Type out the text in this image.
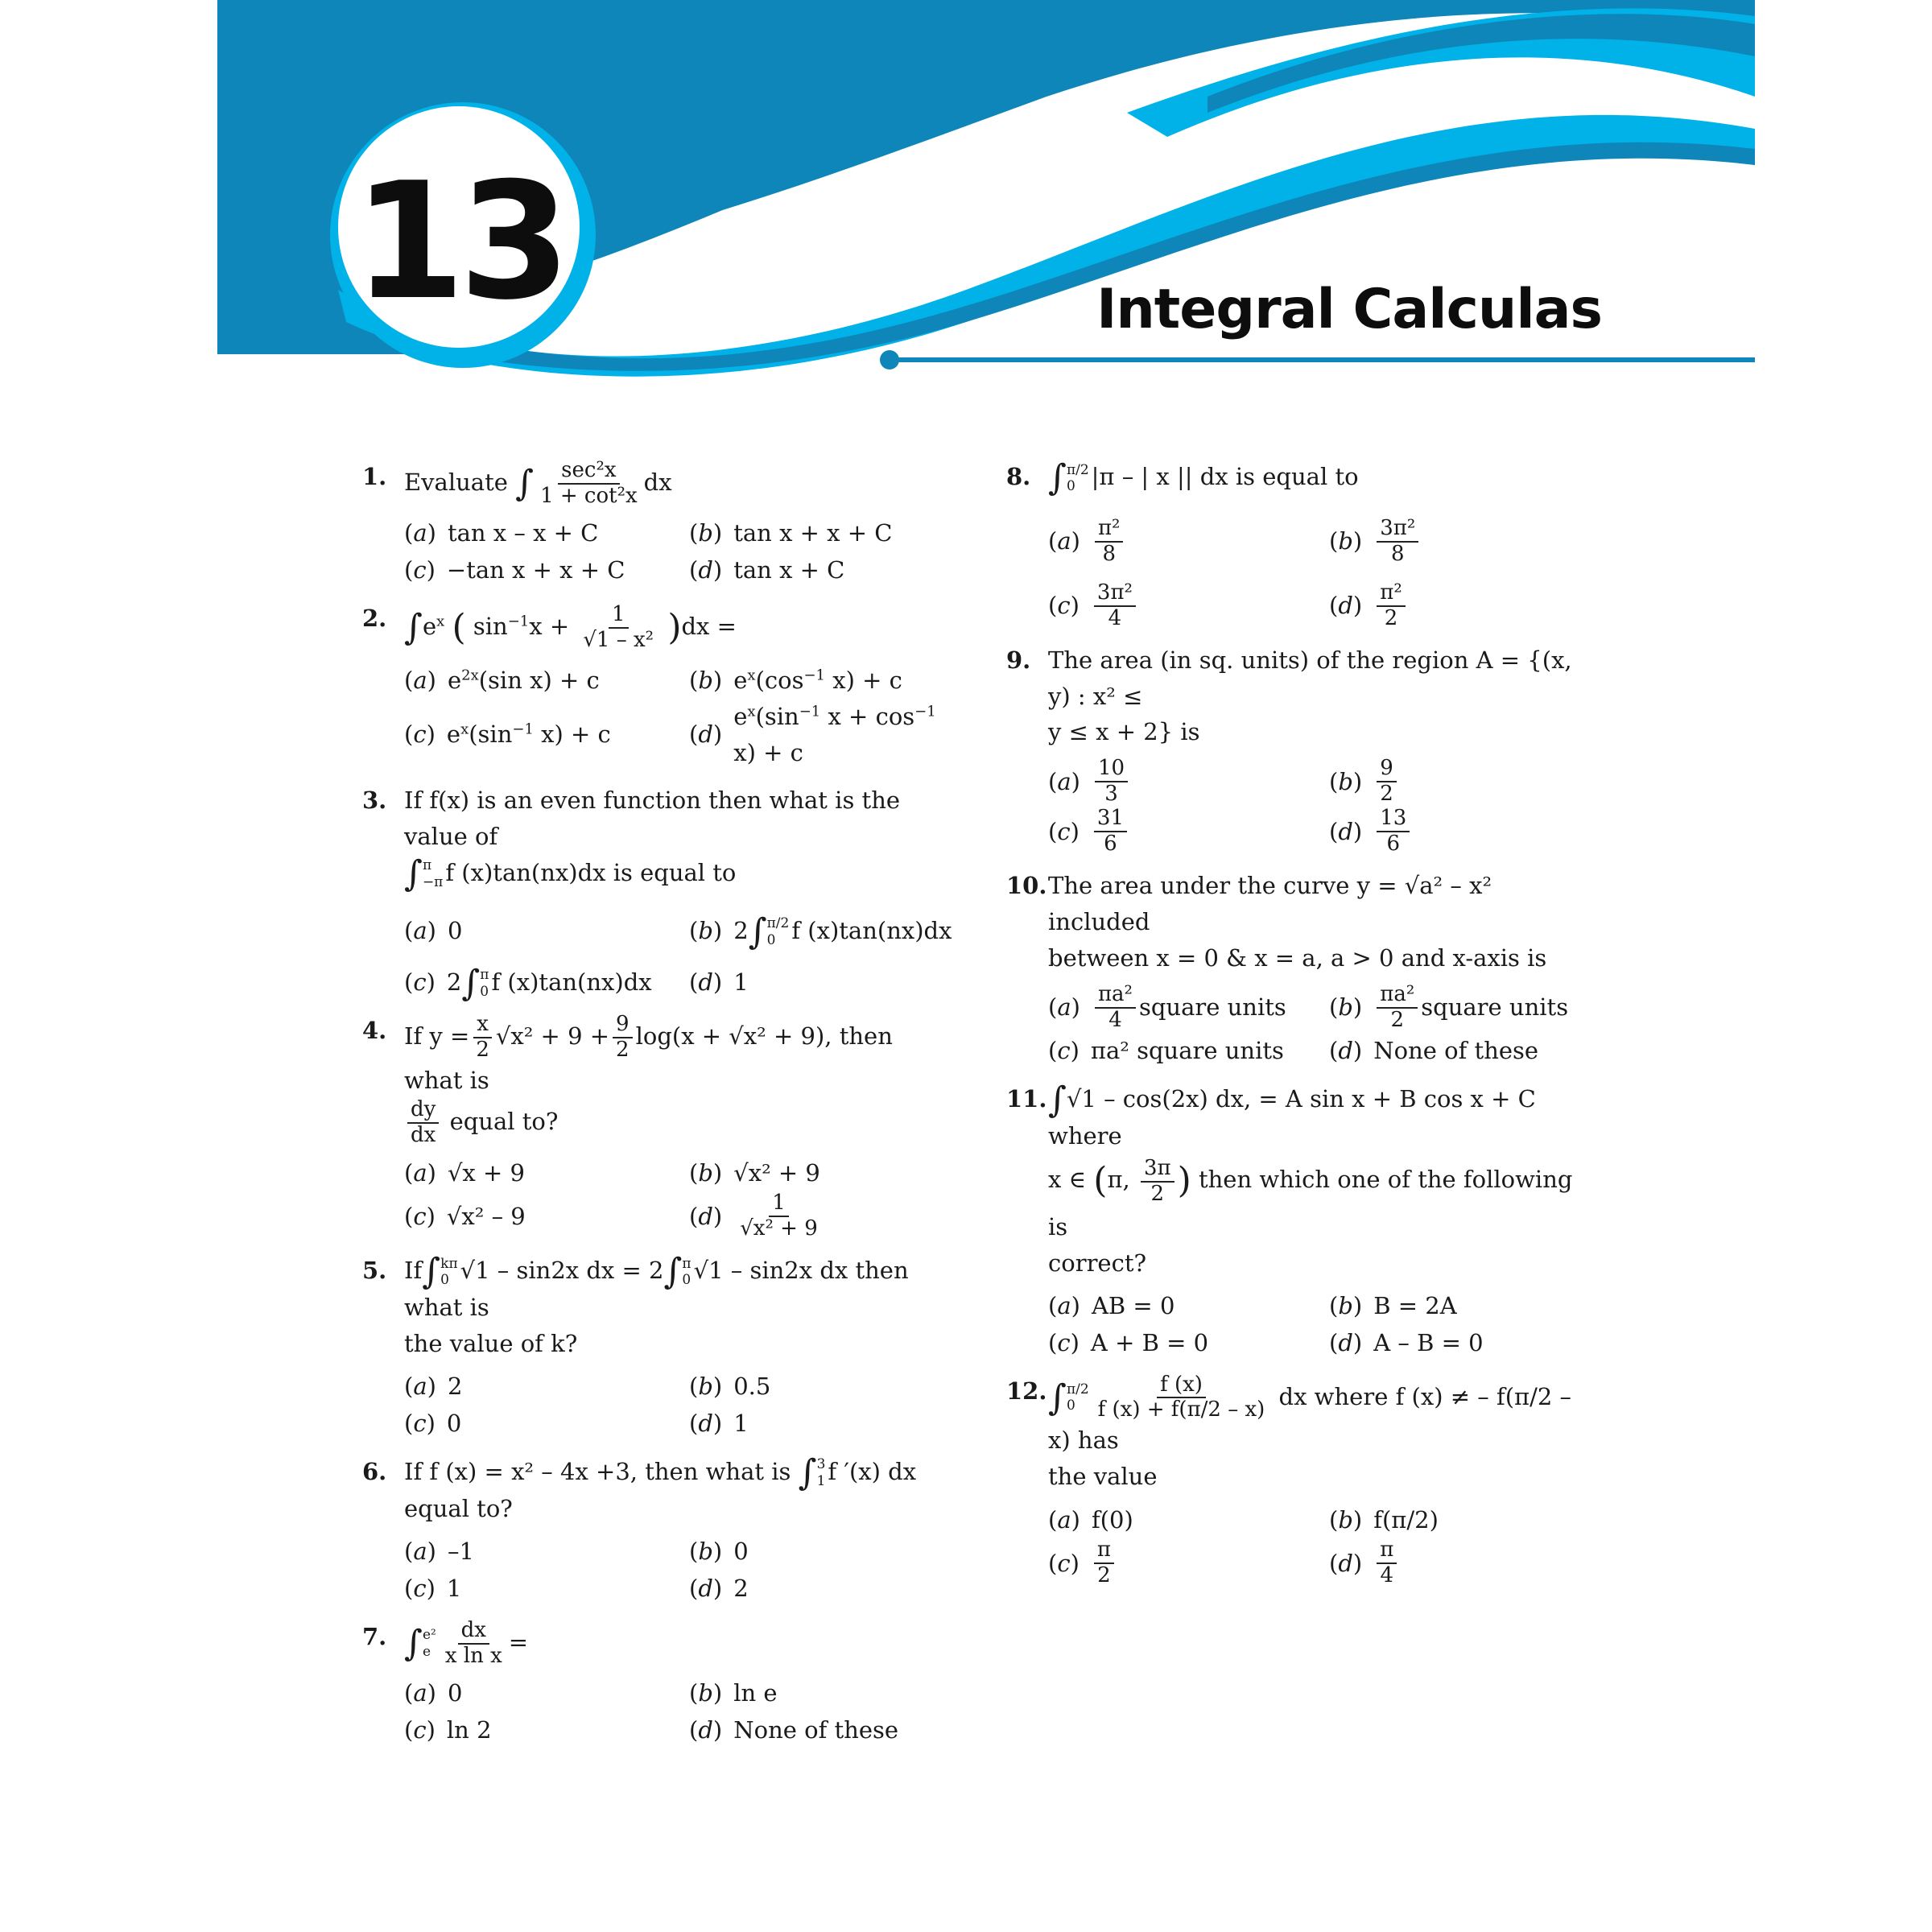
13	Integral Calculas
1. Evaluate ∫ $\frac{\text{sec²x}}{\text{1 + cot²x}}$ dx
(a) tan x – x + C	(b) tan x + x + C
(c) −tan x + x + C	(d) tan x + C
2. $\int e^x$ ( $\sin^{-1}x + \frac{1}{\text{√1 – x²}} )dx$ =
(a) $e^{2x}(\sin$ x) + c	(b) $e^x(\cos^{-1}$ x) + c
(c) $e^x(\sin^{-1}$ x) + c	(d)
$e^x(\sin^{-1}$ $x + \cos^{-1} x) + c$
3. If f(x) is an even function then what is the value of
∫ π
−π f (x)tan(nx)dx is equal to
(a) 0	(b) 2∫ π/2
0 f (x)tan(nx)dx
(c) 2∫ π
0 f (x)tan(nx)dx (d) 1
4. If $y = \frac{x}{2} √x^2 + 9 + \frac{9}{2} \log(x + √x^2 + 9)$, then what is

$\frac{dy}{dx}$ equal to?
(a) √x + 9	(b) √x² + 9
(c) √x² – 9	$(d) \frac{1}{\text{√x² + 9}}$
5. If∫ kπ
0 √1 – sin2x dx = 2∫ π
0 √1 – sin2x dx then what is
the value of k?
(a) 2	(b) 0.5
(c) 0	(d) 1
6. If f (x) = x² – 4x +3, then what is ∫ 3
1 f ′(x) dx equal to?
(a) –1	(b) 0
(c) 1	(d) 2
7. ∫ e²
e $\frac{dx}{\text{x ln x}}$ =
(a) 0	(b) ln e
(c) ln 2	(d) None of these
8. ∫ π/2
0 |π – | x || dx is equal to
$(a) \frac{\text{π²}}{8}$	$(b) \frac{\text{3π²}}{8}$
$(c) \frac{\text{3π²}}{4}$	$(d) \frac{\text{π²}}{2}$
9. The area (in sq. units) of the region A = {(x, y) : x² ≤
y ≤ x + 2} is
$(a) \frac{10}{3}$	$(b) \frac{9}{2}$
$(c) \frac{31}{6}$	$(d) \frac{13}{6}$
10. The area under the curve y = √a² – x² included
between x = 0 & x = a, a > 0 and x-axis is
$(a) \frac{\text{πa²}}{4}$ square units $(b) \frac{\text{πa²}}{2}$ square units
(c) πa² square units (d) None of these
11. ∫√1 – cos(2x) dx, = A sin x + B cos x + C where
x ∈ (π, $\frac{3\pi}{2}$ ) then which one of the following is
correct?
(a) AB = 0	(b) B = 2A
(c) A + B = 0	(d) A – B = 0
12. ∫ π/2
$0 \frac{f (x)}{f (x) + f(\pi/2 - x)}$ dx where f (x) ≠ – f(π/2 – x) has
the value
(a) f(0)	(b) f(π/2)
$(c) \frac{\pi}{2}$	$(d) \frac{\pi}{4}$
